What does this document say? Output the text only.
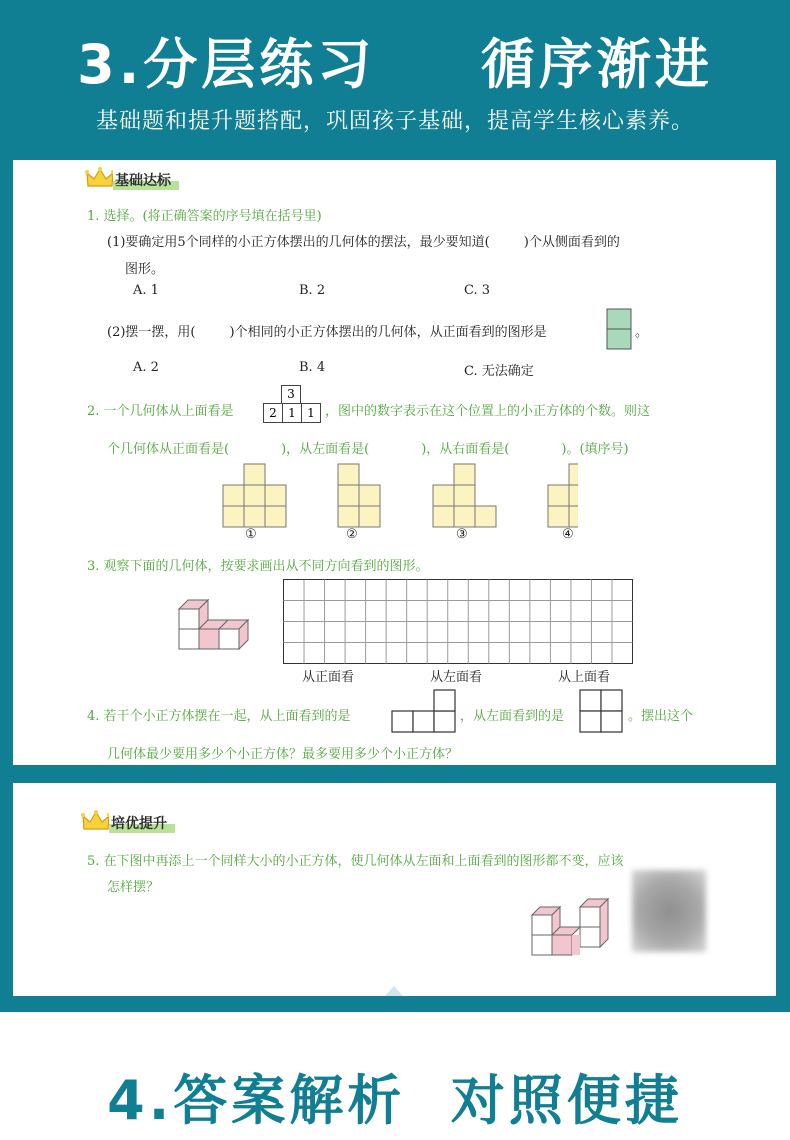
3.分层练习  循序渐进
基础题和提升题搭配，巩固孩子基础，提高学生核心素养。
基础达标
1. 选择。(将正确答案的序号填在括号里)
(1)要确定用5个同样的小正方体摆出的几何体的摆法，最少要知道(	)个从侧面看到的
图形。
A. 1	B. 2	C. 3
(2)摆一摆，用(	)个相同的小正方体摆出的几何体，从正面看到的图形是	。
A. 2	B. 4	C. 无法确定
2. 一个几何体从上面看是
3
2 1 1 ，图中的数字表示在这个位置上的小正方体的个数。则这
个几何体从正面看是(	)，从左面看是(	)，从右面看是(	)。(填序号)
①	②	③	④
3. 观察下面的几何体，按要求画出从不同方向看到的图形。
从正面看	从左面看	从上面看
4. 若干个小正方体摆在一起，从上面看到的是	，从左面看到的是	。摆出这个
几何体最少要用多少个小正方体？最多要用多少个小正方体？
培优提升
5. 在下图中再添上一个同样大小的小正方体，使几何体从左面和上面看到的图形都不变，应该
怎样摆？
4.答案解析  对照便捷
